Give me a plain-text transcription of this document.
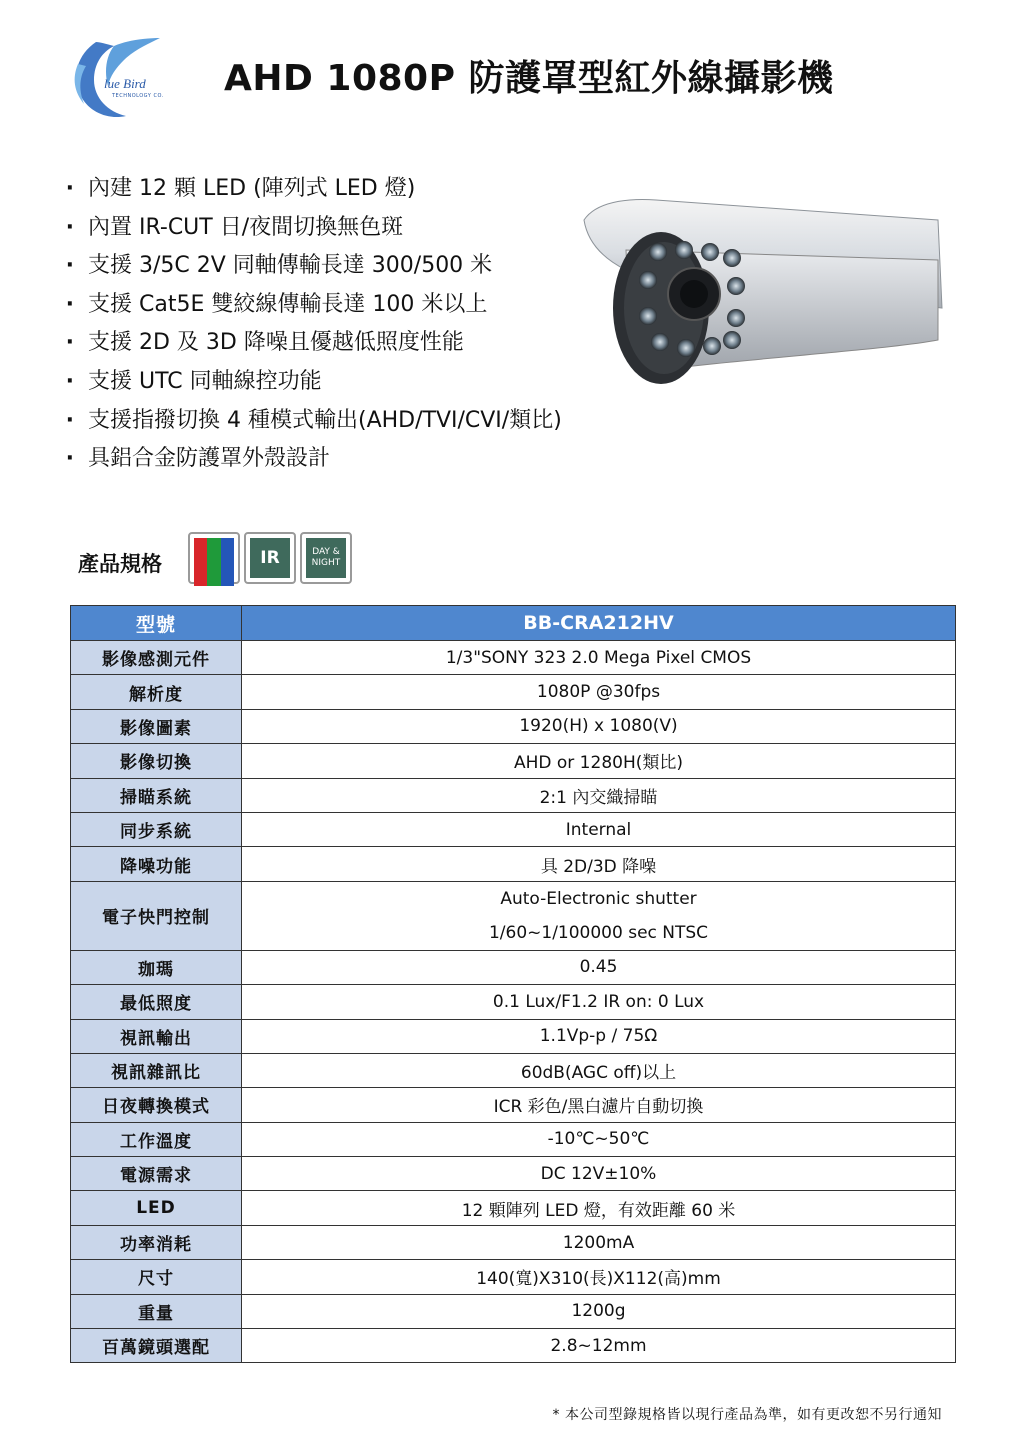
lue Bird
TECHNOLOGY CO. AHD 1080P 防護罩型紅外線攝影機
‧ 內建 12 顆 LED (陣列式 LED 燈)
‧ 內置 IR-CUT 日/夜間切換無色斑
‧ 支援 3/5C 2V 同軸傳輸長達 300/500 米
‧ 支援 Cat5E 雙絞線傳輸長達 100 米以上
‧ 支援 2D 及 3D 降噪且優越低照度性能
‧ 支援 UTC 同軸線控功能
‧ 支援指撥切換 4 種模式輸出(AHD/TVI/CVI/類比)
‧ 具鋁合金防護罩外殼設計
產品規格	IR	DAY &
NIGHT
型號	BB-CRA212HV
影像感測元件	1/3"SONY 323 2.0 Mega Pixel CMOS
解析度	1080P @30fps
影像圖素	1920(H) x 1080(V)
影像切換	AHD or 1280H(類比)
掃瞄系統	2:1 內交織掃瞄
同步系統	Internal
降噪功能	具 2D/3D 降噪
電子快門控制	Auto-Electronic shutter
1/60~1/100000 sec NTSC

珈瑪	0.45
最低照度	0.1 Lux/F1.2 IR on: 0 Lux
視訊輸出	1.1Vp-p / 75Ω
視訊雜訊比	60dB(AGC off)以上
日夜轉換模式	ICR 彩色/黑白濾片自動切換
工作溫度	-10℃~50℃
電源需求	DC 12V±10%
LED	12 顆陣列 LED 燈，有效距離 60 米
功率消耗	1200mA
尺寸	140(寬)X310(長)X112(高)mm
重量	1200g
百萬鏡頭選配	2.8~12mm
* 本公司型錄規格皆以現行產品為準，如有更改恕不另行通知
